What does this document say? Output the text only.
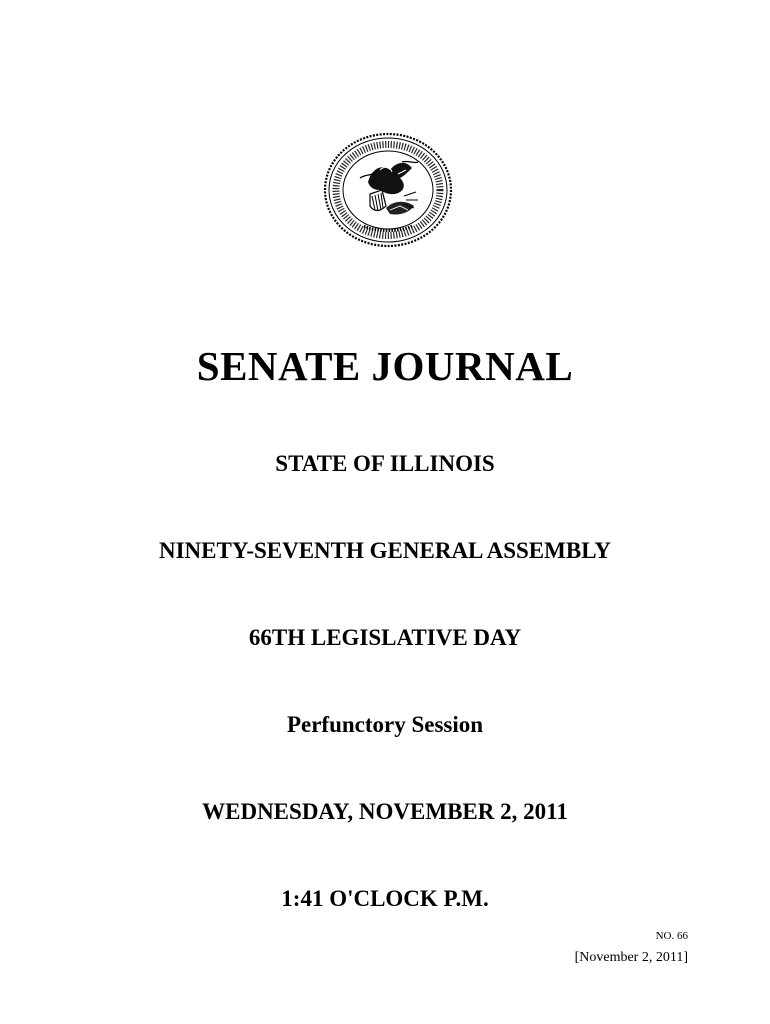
SENATE JOURNAL
STATE OF ILLINOIS
NINETY-SEVENTH GENERAL ASSEMBLY
66TH LEGISLATIVE DAY
Perfunctory Session
WEDNESDAY, NOVEMBER 2, 2011
1:41 O'CLOCK P.M.
NO. 66
[November 2, 2011]
